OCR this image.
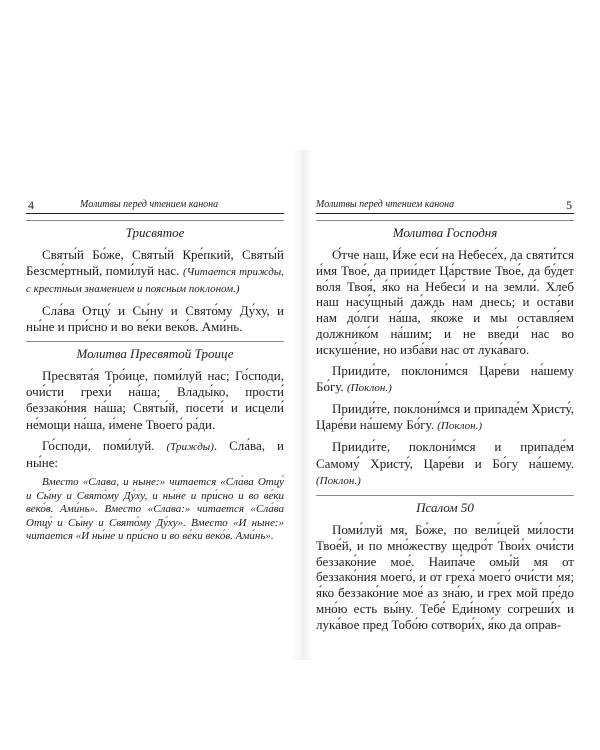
4	Молитвы перед чтением канона
Трисвятое

Святы́й Бо́же, Святы́й Кре́пкий, Святы́й Безсме́ртный, поми́луй нас. (Читается трижды, с крестным знамением и поясным поклоном.)

Сла́ва Отцу́ и Сы́ну и Свято́му Ду́ху, и ны́не и при́сно и во ве́ки веко́в. Ами́нь.

Молитва Пресвятой Троице

Пресвята́я Тро́ице, поми́луй нас; Го́споди, очи́сти грехи́ на́ша; Влады́ко, прости́ беззако́ния на́ша; Святы́й, посети́ и исцели́ не́мощи на́ша, и́мене Твоего́ ра́ди.

Го́споди, поми́луй. (Трижды). Сла́ва, и ны́не:

Вместо «Слава, и ныне:» читается «Сла́ва Отцу́ и Сы́ну и Свято́му Ду́ху, и ны́не и при́сно и во ве́ки веко́в. Ами́нь». Вместо «Слава:» читается «Сла́ва Отцу́ и Сы́ну и Свято́му Ду́ху». Вместо «И ныне:» читается «И ны́не и при́сно и во ве́ки веко́в. Ами́нь».

Молитвы перед чтением канона	5
Молитва Господня

О́тче наш, И́же еси́ на Небесе́х, да святи́тся и́мя Твое́, да прии́дет Ца́рствие Твое́, да бу́дет во́ля Твоя́, я́ко на Небеси́ и на земли́. Хлеб наш насу́щный да́ждь нам днесь; и оста́ви нам до́лги на́ша, я́коже и мы оставля́ем должнико́м на́шим; и не введи́ нас во искуше́ние, но изба́ви нас от лука́ваго.

Прииди́те, поклони́мся Царе́ви на́шему Бо́гу. (Поклон.)

Прииди́те, поклони́мся и припаде́м Христу́, Царе́ви на́шему Бо́гу. (Поклон.)

Прииди́те, поклони́мся и припаде́м Самому́ Христу́, Царе́ви и Бо́гу на́шему. (Поклон.)

Псалом 50

Поми́луй мя, Бо́же, по вели́цей ми́лости Твое́й, и по мно́жеству щедро́т Твои́х очи́сти беззако́ние мое́. Наипа́че омы́й мя от беззако́ния моего́, и от греха́ моего́ очи́сти мя; я́ко беззако́ние мое́ аз зна́ю, и грех мой пре́до мно́ю есть вы́ну. Тебе́ Еди́ному согреши́х и лука́вое пред Тобо́ю сотвори́х, я́ко да оправ-
